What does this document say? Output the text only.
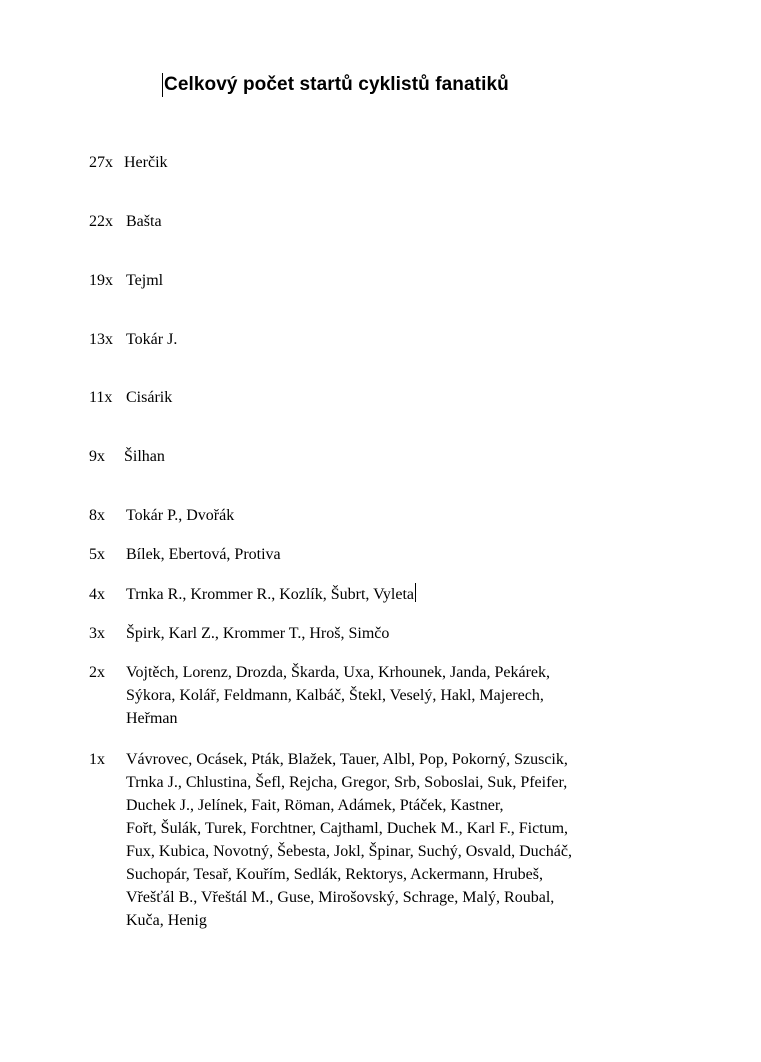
Celkový počet startů cyklistů fanatiků
27x Herčik
22x Bašta
19x Tejml
13x Tokár J.
11x Cisárik
9x Šilhan
8x Tokár P., Dvořák
5x Bílek, Ebertová, Protiva
4x Trnka R., Krommer R., Kozlík, Šubrt, Vyleta
3x Špirk, Karl Z., Krommer T., Hroš, Simčo
2x Vojtěch, Lorenz, Drozda, Škarda, Uxa, Krhounek, Janda, Pekárek,
Sýkora, Kolář, Feldmann, Kalbáč, Štekl, Veselý, Hakl, Majerech,
Heřman
1x Vávrovec, Ocásek, Pták, Blažek, Tauer, Albl, Pop, Pokorný, Szuscik,
Trnka J., Chlustina, Šefl, Rejcha, Gregor, Srb, Soboslai, Suk, Pfeifer,
Duchek J., Jelínek, Fait, Röman, Adámek, Ptáček, Kastner,
Fořt, Šulák, Turek, Forchtner, Cajthaml, Duchek M., Karl F., Fictum,
Fux, Kubica, Novotný, Šebesta, Jokl, Špinar, Suchý, Osvald, Ducháč,
Suchopár, Tesař, Kouřím, Sedlák, Rektorys, Ackermann, Hrubeš,
Vřešťál B., Vřeštál M., Guse, Mirošovský, Schrage, Malý, Roubal,
Kuča, Henig
